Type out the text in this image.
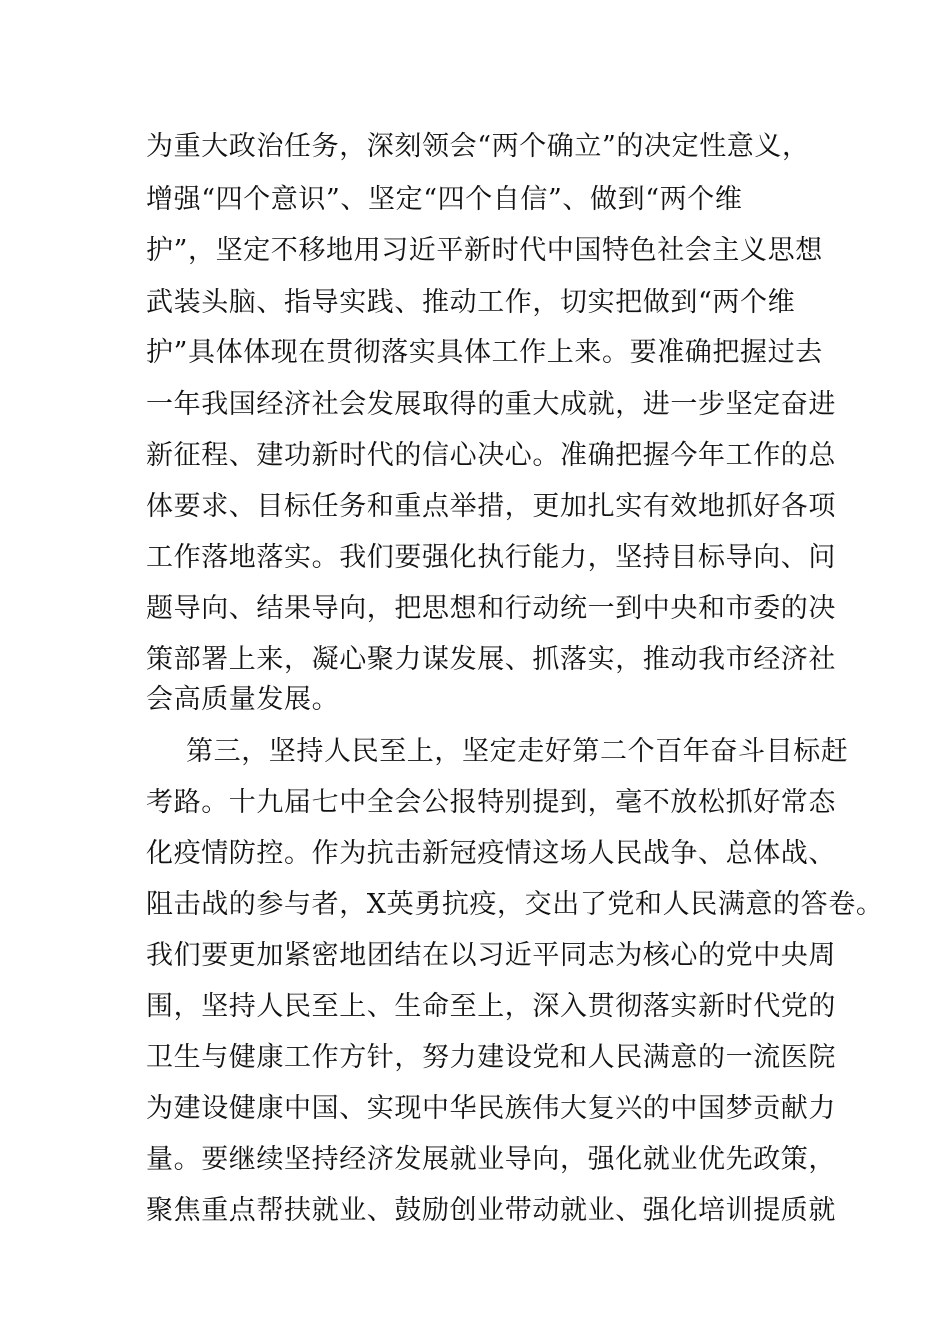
为重大政治任务，深刻领会“两个确立”的决定性意义，
增强“四个意识”、坚定“四个自信”、做到“两个维
护”，坚定不移地用习近平新时代中国特色社会主义思想
武装头脑、指导实践、推动工作，切实把做到“两个维
护”具体体现在贯彻落实具体工作上来。要准确把握过去
一年我国经济社会发展取得的重大成就，进一步坚定奋进
新征程、建功新时代的信心决心。准确把握今年工作的总
体要求、目标任务和重点举措，更加扎实有效地抓好各项
工作落地落实。我们要强化执行能力，坚持目标导向、问
题导向、结果导向，把思想和行动统一到中央和市委的决
策部署上来，凝心聚力谋发展、抓落实，推动我市经济社
会高质量发展。
第三，坚持人民至上，坚定走好第二个百年奋斗目标赶
考路。十九届七中全会公报特别提到，毫不放松抓好常态
化疫情防控。作为抗击新冠疫情这场人民战争、总体战、
阻击战的参与者，X英勇抗疫，交出了党和人民满意的答卷。
我们要更加紧密地团结在以习近平同志为核心的党中央周
围，坚持人民至上、生命至上，深入贯彻落实新时代党的
卫生与健康工作方针，努力建设党和人民满意的一流医院
为建设健康中国、实现中华民族伟大复兴的中国梦贡献力
量。要继续坚持经济发展就业导向，强化就业优先政策，
聚焦重点帮扶就业、鼓励创业带动就业、强化培训提质就
